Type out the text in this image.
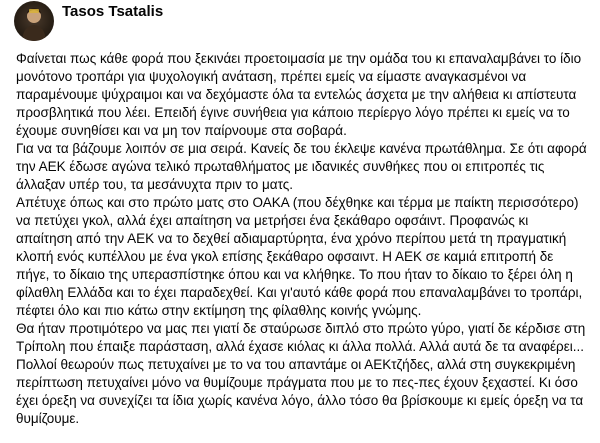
Tasos Tsatalis

Φαίνεται πως κάθε φορά που ξεκινάει προετοιμασία με την ομάδα του κι επαναλαμβάνει το ίδιο μονότονο τροπάρι για ψυχολογική ανάταση, πρέπει εμείς να είμαστε αναγκασμένοι να παραμένουμε ψύχραιμοι και να δεχόμαστε όλα τα εντελώς άσχετα με την αλήθεια κι απίστευτα προσβλητικά που λέει. Επειδή έγινε συνήθεια για κάποιο περίεργο λόγο πρέπει κι εμείς να το έχουμε συνηθίσει και να μη τον παίρνουμε στα σοβαρά.

Για να τα βάζουμε λοιπόν σε μια σειρά. Κανείς δε του έκλεψε κανένα πρωτάθλημα. Σε ότι αφορά την ΑΕΚ έδωσε αγώνα τελικό πρωταθλήματος με ιδανικές συνθήκες που οι επιτροπές τις άλλαξαν υπέρ του, τα μεσάνυχτα πριν το ματς.

Απέτυχε όπως και στο πρώτο ματς στο ΟΑΚΑ (που δέχθηκε και τέρμα με παίκτη περισσότερο) να πετύχει γκολ, αλλά έχει απαίτηση να μετρήσει ένα ξεκάθαρο οφσάιντ. Προφανώς κι απαίτηση από την ΑΕΚ να το δεχθεί αδιαμαρτύρητα, ένα χρόνο περίπου μετά τη πραγματική κλοπή ενός κυπέλλου με ένα γκολ επίσης ξεκάθαρο οφσαιντ. Η ΑΕΚ σε καμιά επιτροπή δε πήγε, το δίκαιο της υπερασπίστηκε όπου και να κλήθηκε. Το που ήταν το δίκαιο το ξέρει όλη η φίλαθλη Ελλάδα και το έχει παραδεχθεί. Και γι'αυτό κάθε φορά που επαναλαμβάνει το τροπάρι, πέφτει όλο και πιο κάτω στην εκτίμηση της φίλαθλης κοινής γνώμης.

Θα ήταν προτιμότερο να μας πει γιατί δε σταύρωσε διπλό στο πρώτο γύρο, γιατί δε κέρδισε στη Τρίπολη που έπαιξε παράσταση, αλλά έχασε κιόλας κι άλλα πολλά. Αλλά αυτά δε τα αναφέρει...

Πολλοί θεωρούν πως πετυχαίνει με το να του απαντάμε οι ΑΕΚτζήδες, αλλά στη συγκεκριμένη περίπτωση πετυχαίνει μόνο να θυμίζουμε πράγματα που με το πες-πες έχουν ξεχαστεί. Κι όσο έχει όρεξη να συνεχίζει τα ίδια χωρίς κανένα λόγο, άλλο τόσο θα βρίσκουμε κι εμείς όρεξη να τα θυμίζουμε.
